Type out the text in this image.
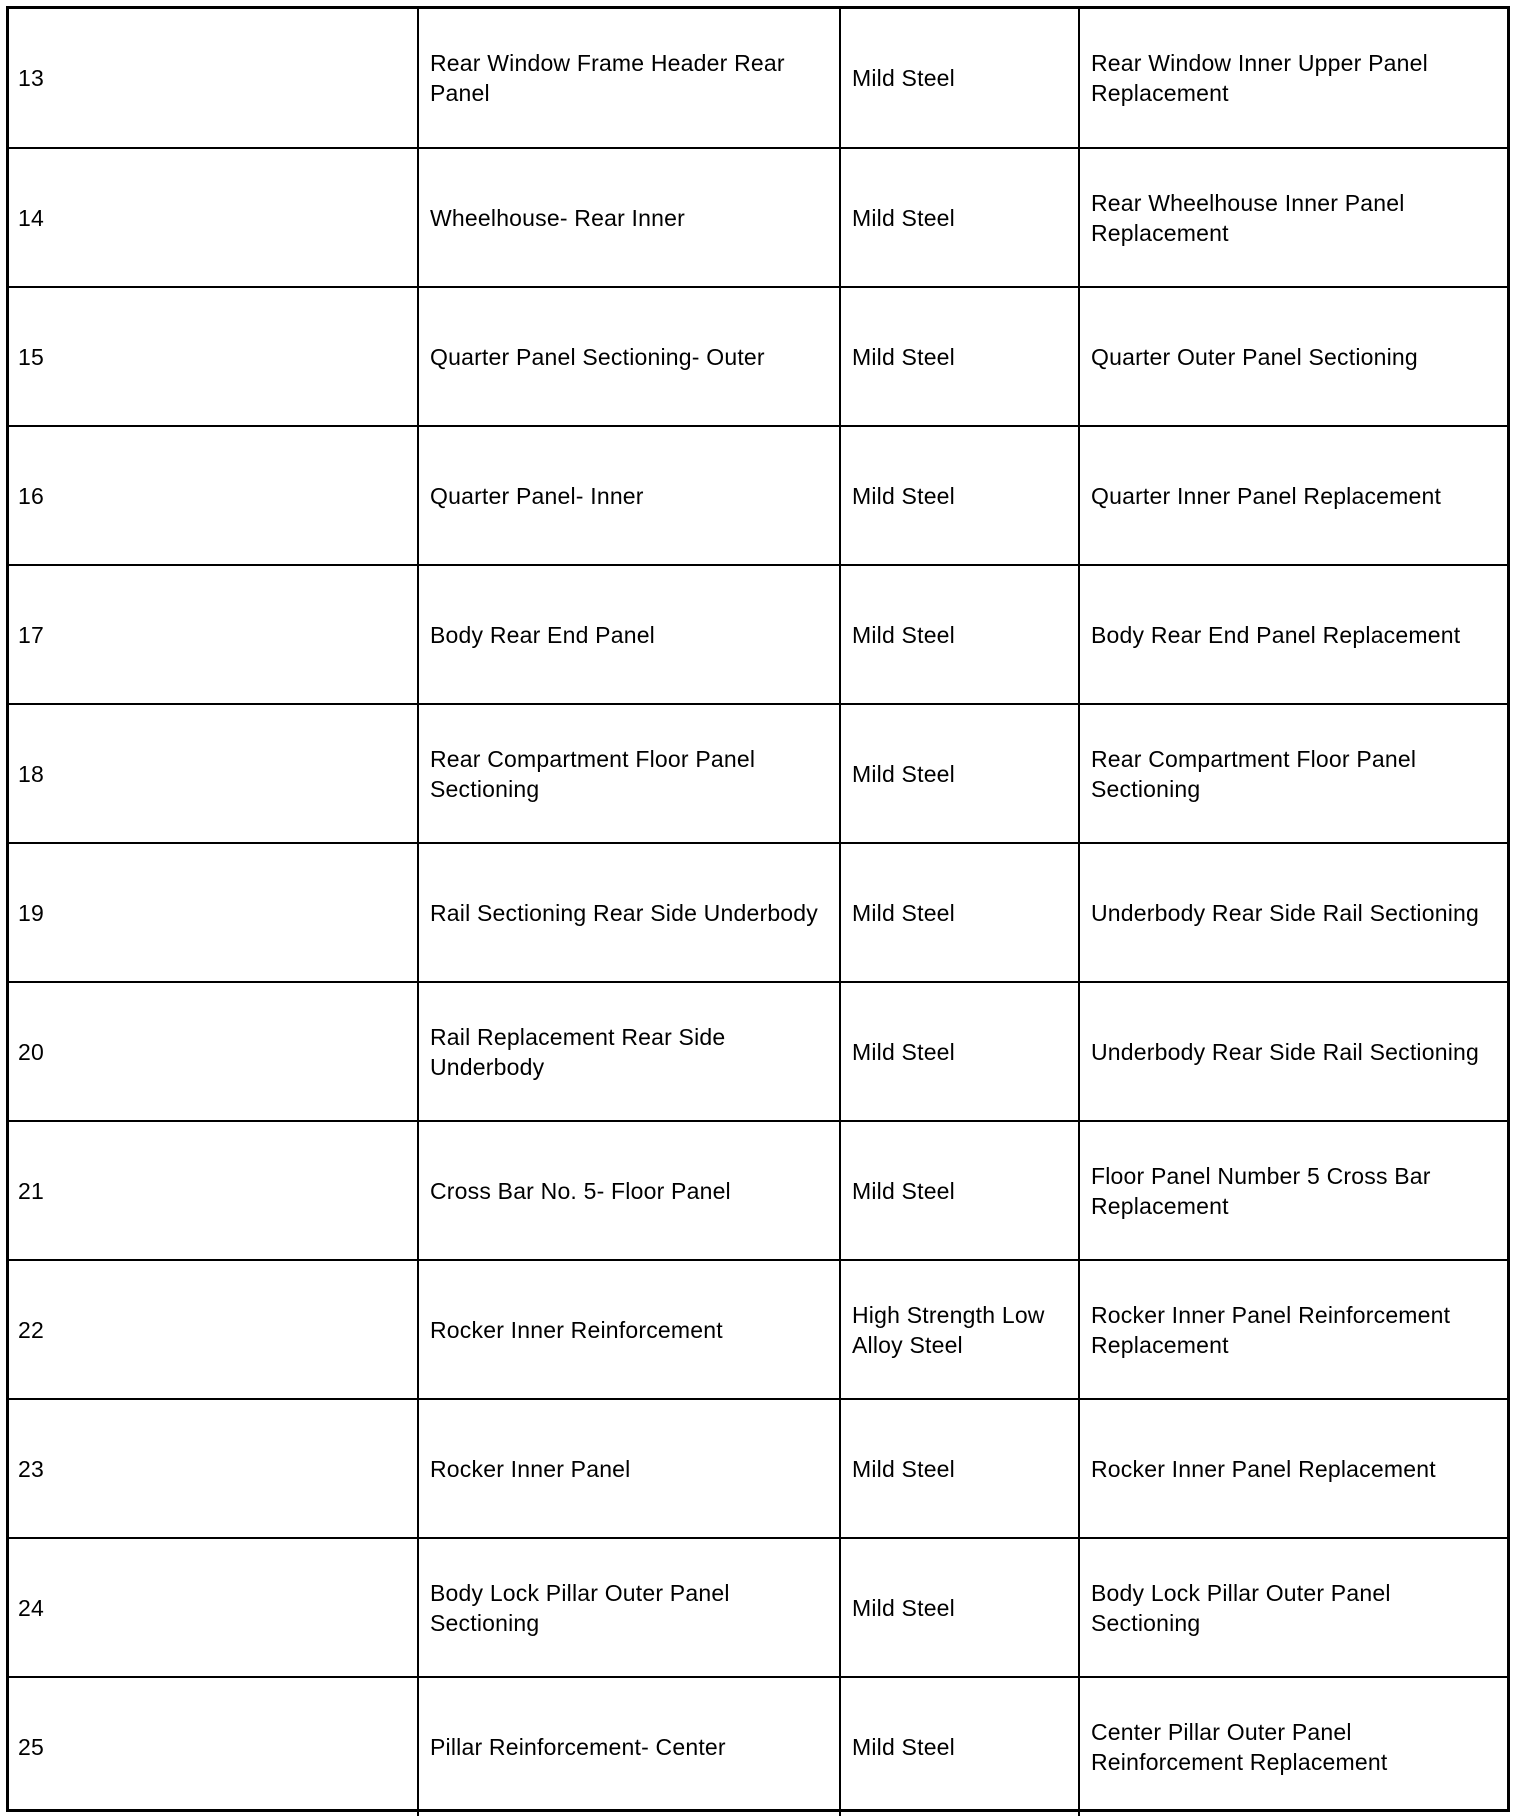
13	Rear Window Frame Header Rear Panel	Mild Steel	Rear Window Inner Upper Panel Replacement
14	Wheelhouse- Rear Inner	Mild Steel	Rear Wheelhouse Inner Panel Replacement
15	Quarter Panel Sectioning- Outer	Mild Steel	Quarter Outer Panel Sectioning
16	Quarter Panel- Inner	Mild Steel	Quarter Inner Panel Replacement
17	Body Rear End Panel	Mild Steel	Body Rear End Panel Replacement
18	Rear Compartment Floor Panel Sectioning	Mild Steel	Rear Compartment Floor Panel Sectioning
19	Rail Sectioning Rear Side Underbody	Mild Steel	Underbody Rear Side Rail Sectioning
20	Rail Replacement Rear Side Underbody	Mild Steel	Underbody Rear Side Rail Sectioning
21	Cross Bar No. 5- Floor Panel	Mild Steel	Floor Panel Number 5 Cross Bar Replacement
22	Rocker Inner Reinforcement	High Strength Low Alloy Steel	Rocker Inner Panel Reinforcement Replacement
23	Rocker Inner Panel	Mild Steel	Rocker Inner Panel Replacement
24	Body Lock Pillar Outer Panel Sectioning	Mild Steel	Body Lock Pillar Outer Panel Sectioning
25	Pillar Reinforcement- Center	Mild Steel	Center Pillar Outer Panel Reinforcement Replacement
